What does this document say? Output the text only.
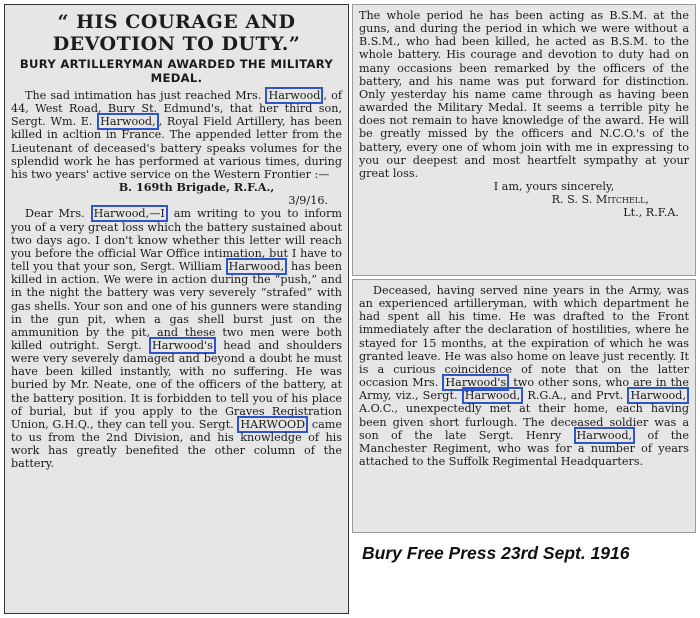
“ HIS COURAGE AND DEVOTION TO DUTY.”
BURY ARTILLERYMAN AWARDED THE MILITARY MEDAL.

The sad intimation has just reached Mrs. Harwood , of 44, West Road, Bury St. Edmund's, that her third son, Sergt. Wm. E. Harwood, , Royal Field Artillery, has been killed in acltion in France. The appended letter from the Lieutenant of deceased's battery speaks volumes for the splendid work he has performed at various times, during his two years' active service on the Western Frontier :—

B. 169th Brigade, R.F.A.,

3/9/16.

Dear Mrs. Harwood,—I am writing to you to inform you of a very great loss which the battery sustained about two days ago. I don't know whether this letter will reach you before the official War Office intimation, but I have to tell you that your son, Sergt. William Harwood, has been killed in action. We were in action during the “push,” and in the night the battery was very severely “strafed” with gas shells. Your son and one of his gunners were standing in the gun pit, when a gas shell burst just on the ammunition by the pit, and these two men were both killed outright. Sergt. Harwood's head and shoulders were very severely damaged and beyond a doubt he must have been killed instantly, with no suffering. He was buried by Mr. Neate, one of the officers of the battery, at the battery position. It is forbidden to tell you of his place of burial, but if you apply to the Graves Registration Union, G.H.Q., they can tell you. Sergt. HARWOOD came to us from the 2nd Division, and his knowledge of his work has greatly benefited the other column of the battery.

The whole period he has been acting as B.S.M. at the guns, and during the period in which we were without a B.S.M., who had been killed, he acted as B.S.M. to the whole battery. His courage and devotion to duty had on many occasions been remarked by the officers of the battery, and his name was put forward for distinction. Only yesterday his name came through as having been awarded the Military Medal. It seems a terrible pity he does not remain to have knowledge of the award. He will be greatly missed by the officers and N.C.O.'s of the battery, every one of whom join with me in expressing to you our deepest and most heartfelt sympathy at your great loss.

I am, yours sincerely,

R. S. S. Mitchell,

Lt., R.F.A.

Deceased, having served nine years in the Army, was an experienced artilleryman, with which department he had spent all his time. He was drafted to the Front immediately after the declaration of hostilities, where he stayed for 15 months, at the expiration of which he was granted leave. He was also home on leave just recently. It is a curious coincidence of note that on the latter occasion Mrs. Harwood's two other sons, who are in the Army, viz., Sergt. Harwood, R.G.A., and Prvt. Harwood, A.O.C., unexpectedly met at their home, each having been given short furlough. The deceased soldier was a son of the late Sergt. Henry Harwood, of the Manchester Regiment, who was for a number of years attached to the Suffolk Regimental Headquarters.

Bury Free Press 23rd Sept. 1916
